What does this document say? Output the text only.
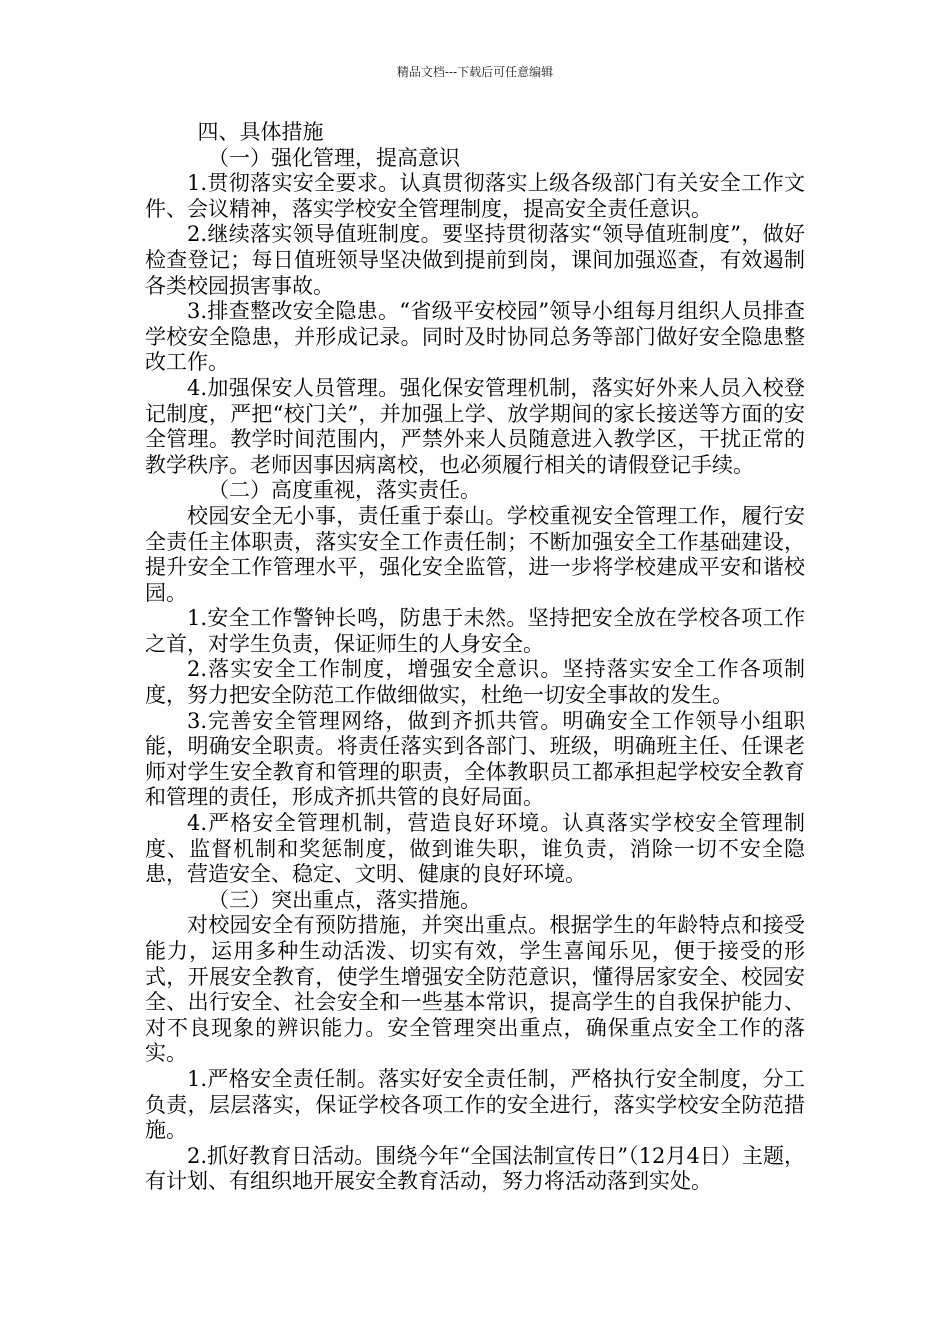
精品文档---下载后可任意编辑

四、具体措施

（一）强化管理，提高意识

1.贯彻落实安全要求。认真贯彻落实上级各级部门有关安全工作文件、会议精神，落实学校安全管理制度，提高安全责任意识。

2.继续落实领导值班制度。要坚持贯彻落实“领导值班制度”，做好检查登记；每日值班领导坚决做到提前到岗，课间加强巡查，有效遏制各类校园损害事故。

3.排查整改安全隐患。“省级平安校园”领导小组每月组织人员排查学校安全隐患，并形成记录。同时及时协同总务等部门做好安全隐患整改工作。

4.加强保安人员管理。强化保安管理机制，落实好外来人员入校登记制度，严把“校门关”，并加强上学、放学期间的家长接送等方面的安全管理。教学时间范围内，严禁外来人员随意进入教学区，干扰正常的教学秩序。老师因事因病离校，也必须履行相关的请假登记手续。

（二）高度重视，落实责任。

校园安全无小事，责任重于泰山。学校重视安全管理工作，履行安全责任主体职责，落实安全工作责任制；不断加强安全工作基础建设，提升安全工作管理水平，强化安全监管，进一步将学校建成平安和谐校园。

1.安全工作警钟长鸣，防患于未然。坚持把安全放在学校各项工作之首，对学生负责，保证师生的人身安全。

2.落实安全工作制度，增强安全意识。坚持落实安全工作各项制度，努力把安全防范工作做细做实，杜绝一切安全事故的发生。

3.完善安全管理网络，做到齐抓共管。明确安全工作领导小组职能，明确安全职责。将责任落实到各部门、班级，明确班主任、任课老师对学生安全教育和管理的职责，全体教职员工都承担起学校安全教育和管理的责任，形成齐抓共管的良好局面。

4.严格安全管理机制，营造良好环境。认真落实学校安全管理制度、监督机制和奖惩制度，做到谁失职，谁负责，消除一切不安全隐患，营造安全、稳定、文明、健康的良好环境。

（三）突出重点，落实措施。

对校园安全有预防措施，并突出重点。根据学生的年龄特点和接受能力，运用多种生动活泼、切实有效，学生喜闻乐见，便于接受的形式，开展安全教育，使学生增强安全防范意识，懂得居家安全、校园安全、出行安全、社会安全和一些基本常识，提高学生的自我保护能力、对不良现象的辨识能力。安全管理突出重点，确保重点安全工作的落实。

1.严格安全责任制。落实好安全责任制，严格执行安全制度，分工负责，层层落实，保证学校各项工作的安全进行，落实学校安全防范措施。

2.抓好教育日活动。围绕今年“全国法制宣传日”（12月4日）主题，有计划、有组织地开展安全教育活动，努力将活动落到实处。
